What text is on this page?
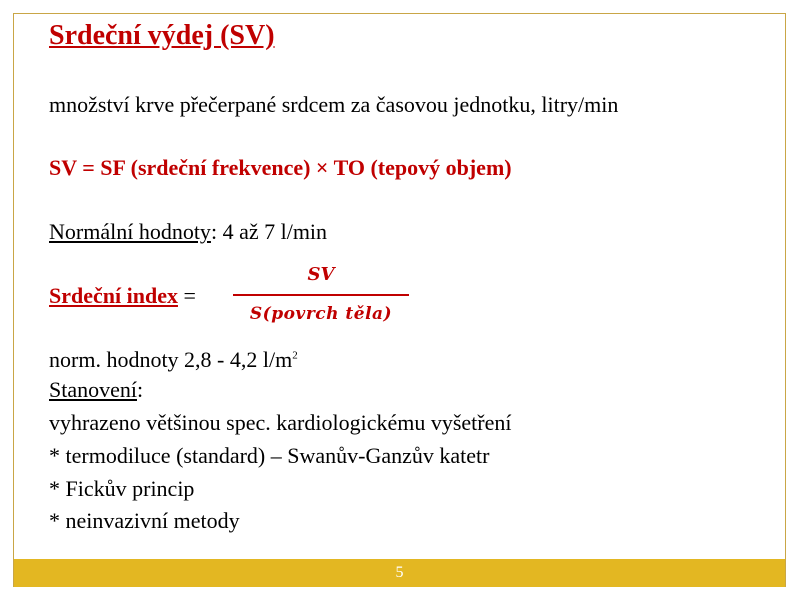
Srdeční výdej (SV)
množství krve přečerpané srdcem za časovou jednotku, litry/min
SV = SF (srdeční frekvence) × TO (tepový objem)
Normální hodnoty: 4 až 7 l/min
Srdeční index =
SV
S(povrch těla)
norm. hodnoty 2,8 - 4,2 $l/m^2$
Stanovení:
vyhrazeno většinou spec. kardiologickému vyšetření
* termodiluce (standard) – Swanův-Ganzův katetr
* Fickův princip
* neinvazivní metody
5
